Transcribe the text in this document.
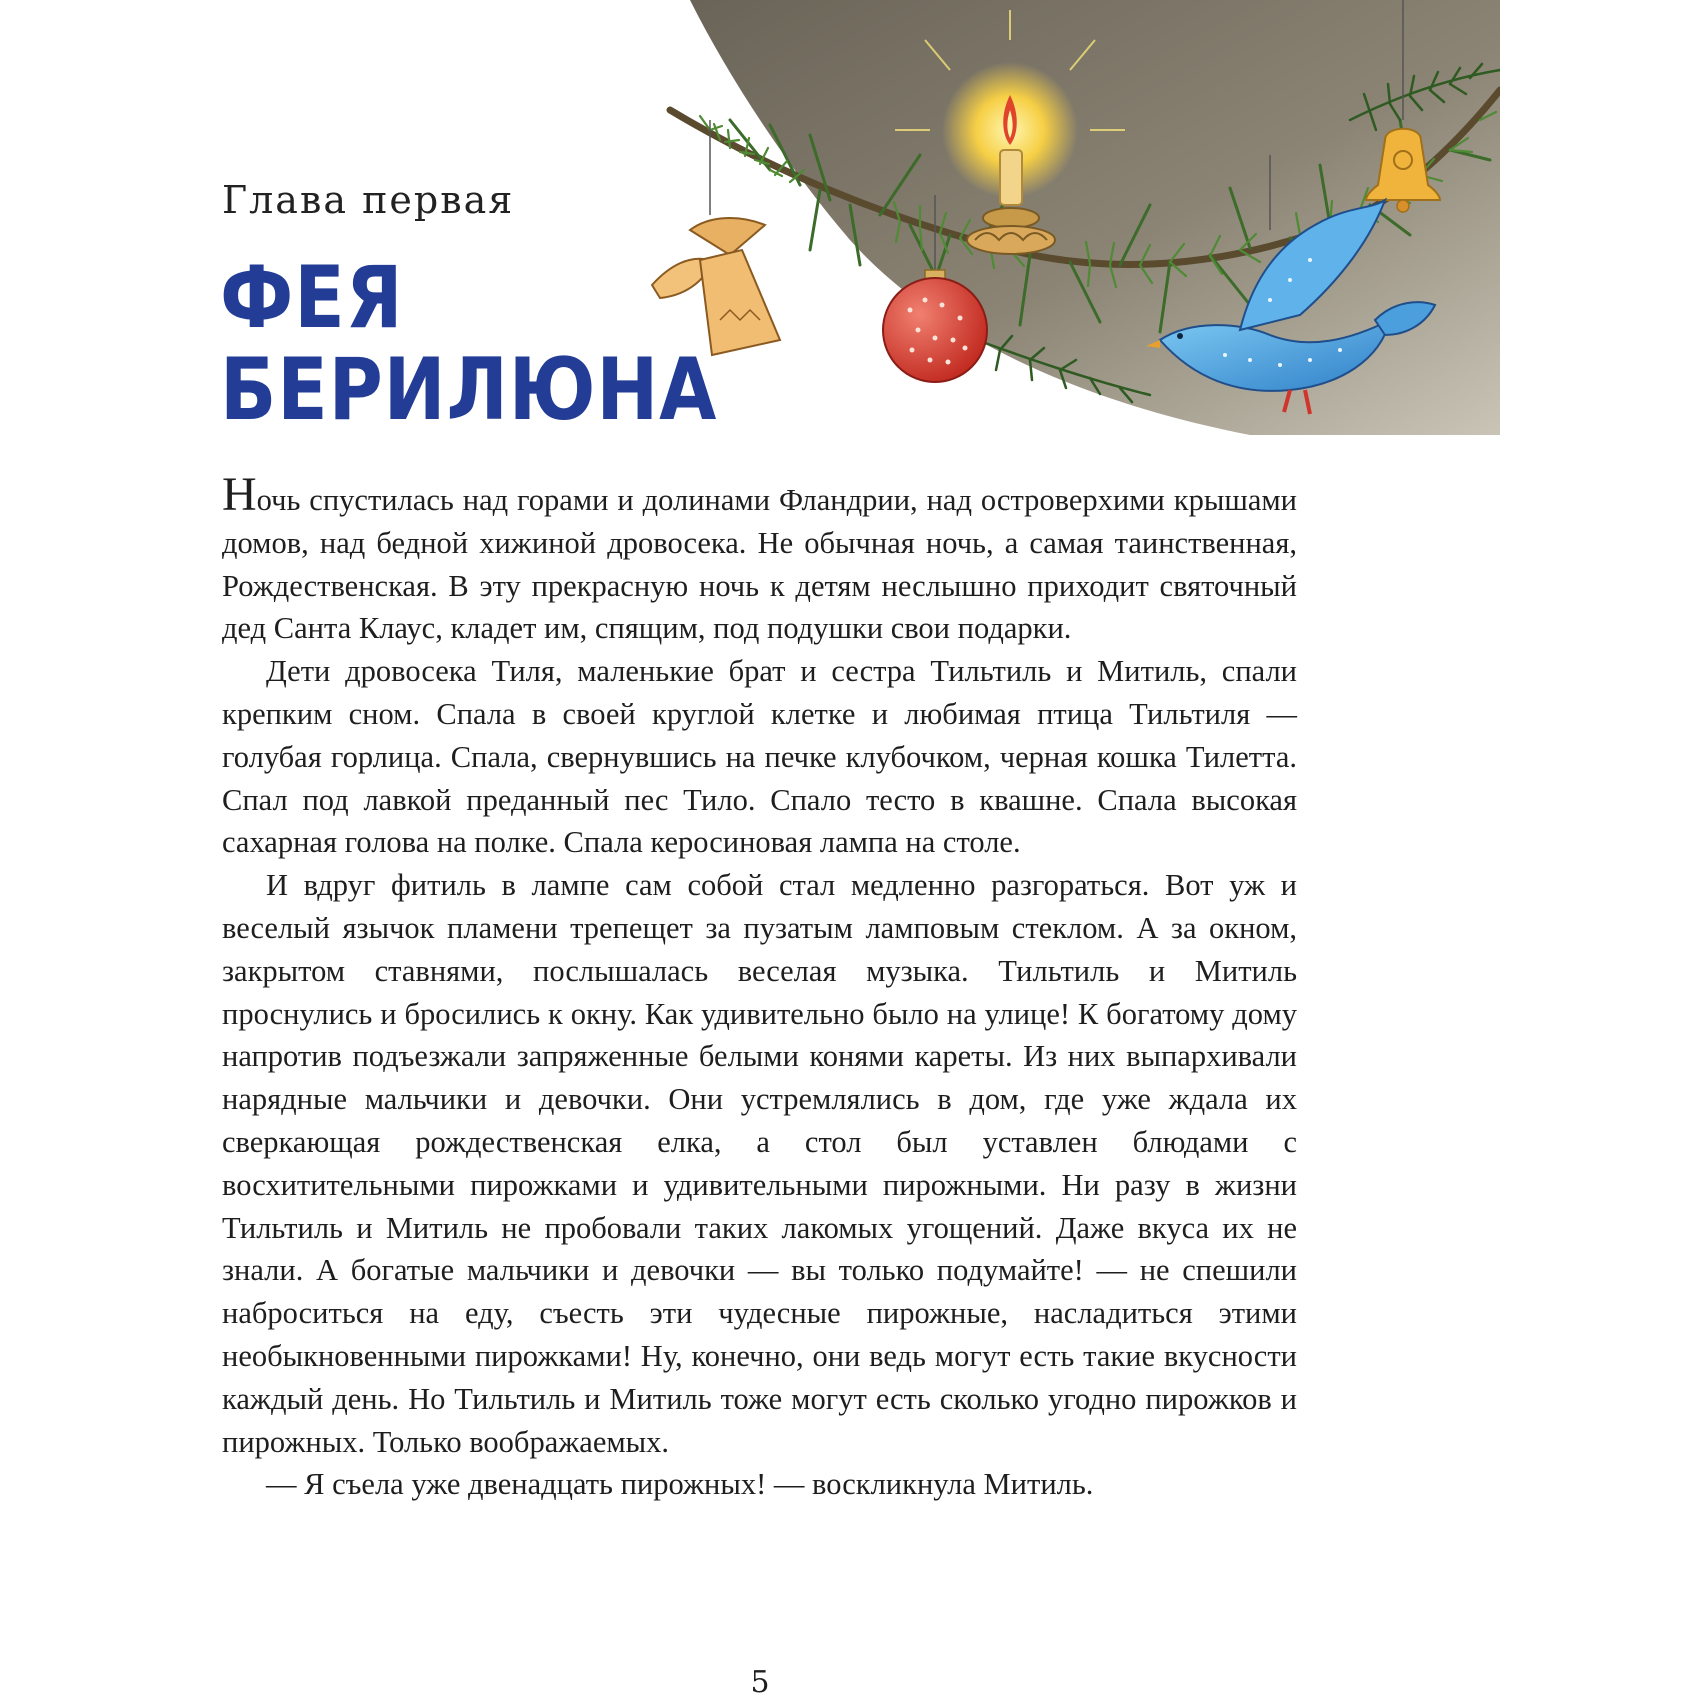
Глава первая
ФЕЯ
БЕРИЛЮНА

Ночь спустилась над горами и долинами Фландрии, над островерхими крышами домов, над бедной хижиной дровосека. Не обычная ночь, а самая таинственная, Рождественская. В эту прекрасную ночь к детям неслышно приходит святочный дед Санта Клаус, кладет им, спящим, под подушки свои подарки.

Дети дровосека Тиля, маленькие брат и сестра Тильтиль и Митиль, спали крепким сном. Спала в своей круглой клетке и любимая птица Тильтиля — голубая горлица. Спала, свернувшись на печке клубочком, черная кошка Тилетта. Спал под лавкой преданный пес Тило. Спало тесто в квашне. Спала высокая сахарная голова на полке. Спала керосиновая лампа на столе.

И вдруг фитиль в лампе сам собой стал медленно разгораться. Вот уж и веселый язычок пламени трепещет за пузатым ламповым стеклом. А за окном, закрытом ставнями, послышалась веселая музыка. Тильтиль и Митиль проснулись и бросились к окну. Как удивительно было на улице! К богатому дому напротив подъезжали запряженные белыми конями кареты. Из них выпархивали нарядные мальчики и девочки. Они устремлялись в дом, где уже ждала их сверкающая рождественская елка, а стол был уставлен блюдами с восхитительными пирожками и удивительными пирожными. Ни разу в жизни Тильтиль и Митиль не пробовали таких лакомых угощений. Даже вкуса их не знали. А богатые мальчики и девочки — вы только подумайте! — не спешили наброситься на еду, съесть эти чудесные пирожные, насладиться этими необыкновенными пирожками! Ну, конечно, они ведь могут есть такие вкусности каждый день. Но Тильтиль и Митиль тоже могут есть сколько угодно пирожков и пирожных. Только воображаемых.

— Я съела уже двенадцать пирожных! — воскликнула Митиль.

5
